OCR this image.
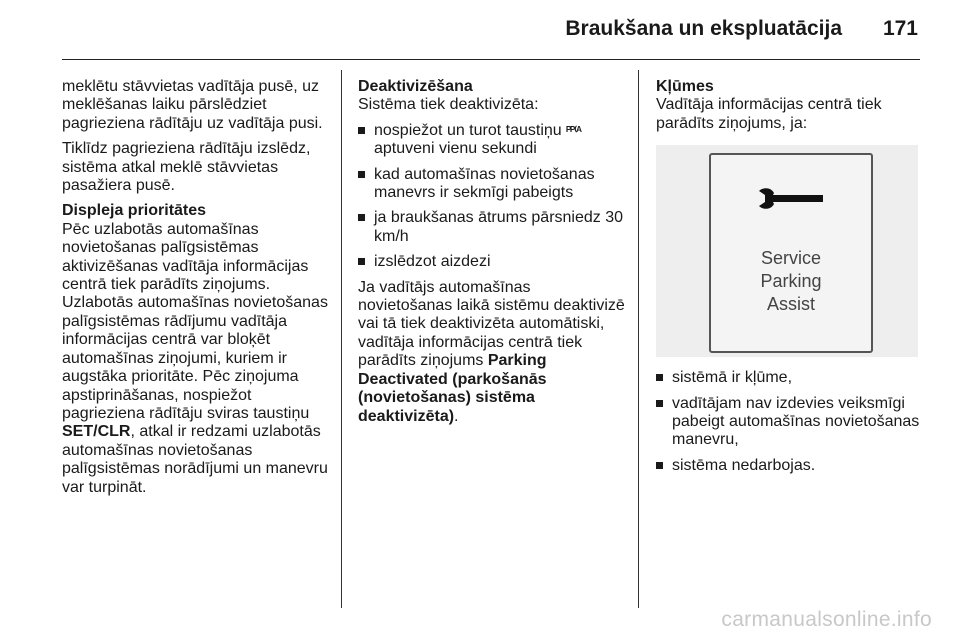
Braukšana un ekspluatācija 171

meklētu stāvvietas vadītāja pusē, uz meklēšanas laiku pārslēdziet pagrieziena rādītāju uz vadītāja pusi.

Tiklīdz pagrieziena rādītāju izslēdz, sistēma atkal meklē stāvvietas pasažiera pusē.

Displeja prioritātes

Pēc uzlabotās automašīnas novietošanas palīgsistēmas aktivizēšanas vadītāja informācijas centrā tiek parādīts ziņojums. Uzlabotās automašīnas novietošanas palīgsistēmas rādījumu vadītāja informācijas centrā var bloķēt automašīnas ziņojumi, kuriem ir augstāka prioritāte. Pēc ziņojuma apstiprināšanas, nospiežot pagrieziena rādītāju sviras taustiņu SET/CLR, atkal ir redzami uzlabotās automašīnas novietošanas palīgsistēmas norādījumi un manevru var turpināt.

Deaktivizēšana

Sistēma tiek deaktivizēta:

nospiežot un turot taustiņu ᴾᴾ⁽ᴬ
aptuveni vienu sekundi
kad automašīnas novietošanas manevrs ir sekmīgi pabeigts
ja braukšanas ātrums pārsniedz 30 km/h
izslēdzot aizdezi

Ja vadītājs automašīnas novietošanas laikā sistēmu deaktivizē vai tā tiek deaktivizēta automātiski, vadītāja informācijas centrā tiek parādīts ziņojums Parking Deactivated (parkošanās (novietošanas) sistēma deaktivizēta).

Kļūmes

Vadītāja informācijas centrā tiek parādīts ziņojums, ja:

Service
Parking
Assist
sistēmā ir kļūme,
vadītājam nav izdevies veiksmīgi pabeigt automašīnas novietošanas manevru,
sistēma nedarbojas.
carmanualsonline.info
